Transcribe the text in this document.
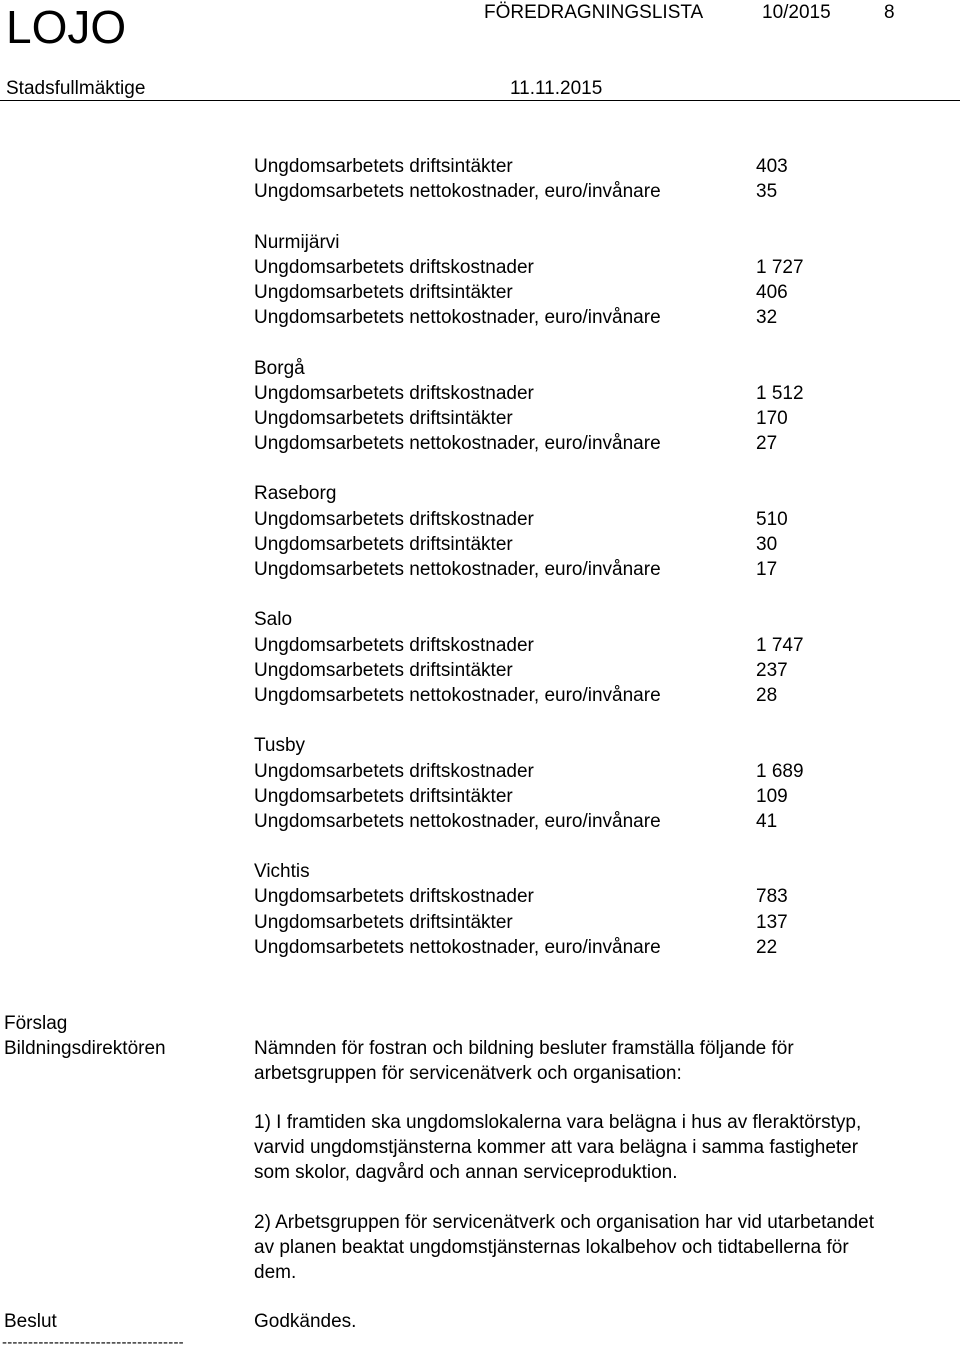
LOJO	FÖREDRAGNINGSLISTA	10/2015	8
Stadsfullmäktige	11.11.2015
Ungdomsarbetets driftsintäkter	403
Ungdomsarbetets nettokostnader, euro/invånare	35
Nurmijärvi
Ungdomsarbetets driftskostnader	1 727
Ungdomsarbetets driftsintäkter	406
Ungdomsarbetets nettokostnader, euro/invånare	32
Borgå
Ungdomsarbetets driftskostnader	1 512
Ungdomsarbetets driftsintäkter	170
Ungdomsarbetets nettokostnader, euro/invånare	27
Raseborg
Ungdomsarbetets driftskostnader	510
Ungdomsarbetets driftsintäkter	30
Ungdomsarbetets nettokostnader, euro/invånare	17
Salo
Ungdomsarbetets driftskostnader	1 747
Ungdomsarbetets driftsintäkter	237
Ungdomsarbetets nettokostnader, euro/invånare	28
Tusby
Ungdomsarbetets driftskostnader	1 689
Ungdomsarbetets driftsintäkter	109
Ungdomsarbetets nettokostnader, euro/invånare	41
Vichtis
Ungdomsarbetets driftskostnader	783
Ungdomsarbetets driftsintäkter	137
Ungdomsarbetets nettokostnader, euro/invånare	22
Förslag
Bildningsdirektören	Nämnden för fostran och bildning besluter framställa följande för
arbetsgruppen för servicenätverk och organisation:
1) I framtiden ska ungdomslokalerna vara belägna i hus av fleraktörstyp,
varvid ungdomstjänsterna kommer att vara belägna i samma fastigheter
som skolor, dagvård och annan serviceproduktion.
2) Arbetsgruppen för servicenätverk och organisation har vid utarbetandet
av planen beaktat ungdomstjänsternas lokalbehov och tidtabellerna för
dem.
Beslut	Godkändes.
-----------------------------------
